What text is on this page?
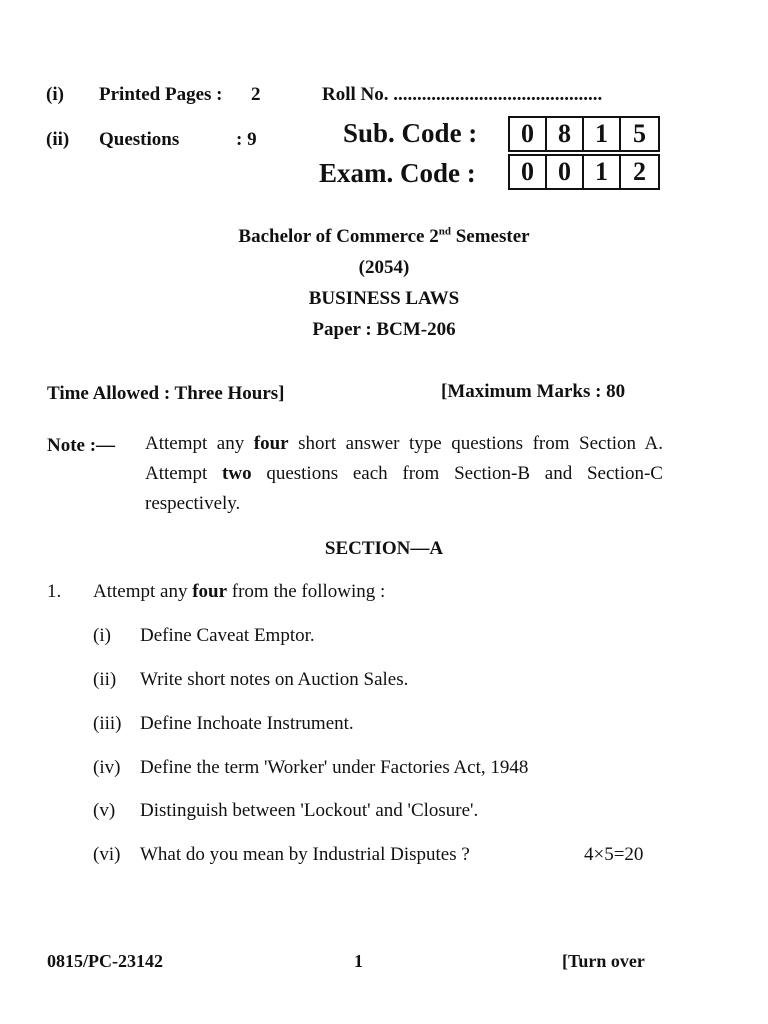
(i) Printed Pages : 2	Roll No. ............................................
(ii) Questions	: 9	Sub. Code :	0 8 1 5
Exam. Code :	0 0 1 2
Bachelor of Commerce 2nd Semester
(2054)
BUSINESS LAWS
Paper : BCM-206
Time Allowed : Three Hours]	[Maximum Marks : 80
Note :— Attempt any four short answer type questions from Section A. Attempt two questions each from Section-B and Section-C respectively.
SECTION—A
1. Attempt any four from the following :
(i) Define Caveat Emptor.
(ii) Write short notes on Auction Sales.
(iii) Define Inchoate Instrument.
(iv) Define the term 'Worker' under Factories Act, 1948
(v) Distinguish between 'Lockout' and 'Closure'.
(vi) What do you mean by Industrial Disputes ?	4×5=20
0815/PC-23142	1	[Turn over
